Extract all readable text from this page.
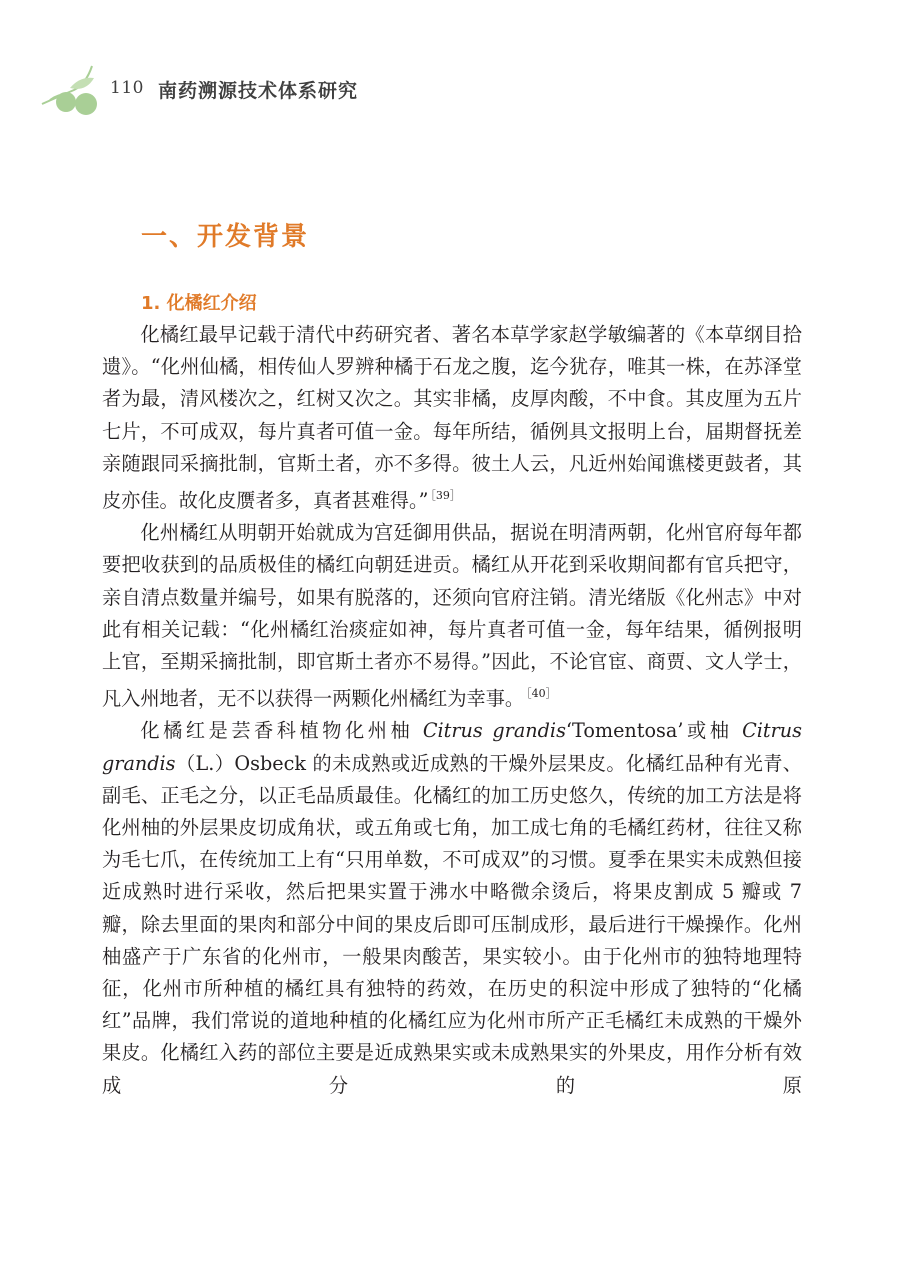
110 南药溯源技术体系研究
一、开发背景
1. 化橘红介绍

化橘红最早记载于清代中药研究者、著名本草学家赵学敏编著的《本草纲目拾遗》。“化州仙橘，相传仙人罗辨种橘于石龙之腹，迄今犹存，唯其一株，在苏泽堂者为最，清风楼次之，红树又次之。其实非橘，皮厚肉酸，不中食。其皮厘为五片七片，不可成双，每片真者可值一金。每年所结，循例具文报明上台，届期督抚差亲随跟同采摘批制，官斯土者，亦不多得。彼土人云，凡近州始闻谯楼更鼓者，其皮亦佳。故化皮赝者多，真者甚难得。” $^{[39]}$

化州橘红从明朝开始就成为宫廷御用供品，据说在明清两朝，化州官府每年都要把收获到的品质极佳的橘红向朝廷进贡。橘红从开花到采收期间都有官兵把守，亲自清点数量并编号，如果有脱落的，还须向官府注销。清光绪版《化州志》中对此有相关记载：“化州橘红治痰症如神，每片真者可值一金，每年结果，循例报明上官，至期采摘批制，即官斯土者亦不易得。”因此，不论官宦、商贾、文人学士，凡入州地者，无不以获得一两颗化州橘红为幸事。 $^{[40]}$

化橘红是芸香科植物化州柚 Citrus grandis‘Tomentosa’或柚 Citrus grandis（L.）Osbeck 的未成熟或近成熟的干燥外层果皮。化橘红品种有光青、副毛、正毛之分，以正毛品质最佳。化橘红的加工历史悠久，传统的加工方法是将化州柚的外层果皮切成角状，或五角或七角，加工成七角的毛橘红药材，往往又称为毛七爪，在传统加工上有“只用单数，不可成双”的习惯。夏季在果实未成熟但接近成熟时进行采收，然后把果实置于沸水中略微余烫后，将果皮割成 5 瓣或 7 瓣，除去里面的果肉和部分中间的果皮后即可压制成形，最后进行干燥操作。化州柚盛产于广东省的化州市，一般果肉酸苦，果实较小。由于化州市的独特地理特征，化州市所种植的橘红具有独特的药效，在历史的积淀中形成了独特的“化橘红”品牌，我们常说的道地种植的化橘红应为化州市所产正毛橘红未成熟的干燥外果皮。化橘红入药的部位主要是近成熟果实或未成熟果实的外果皮，用作分析有效成分的原
